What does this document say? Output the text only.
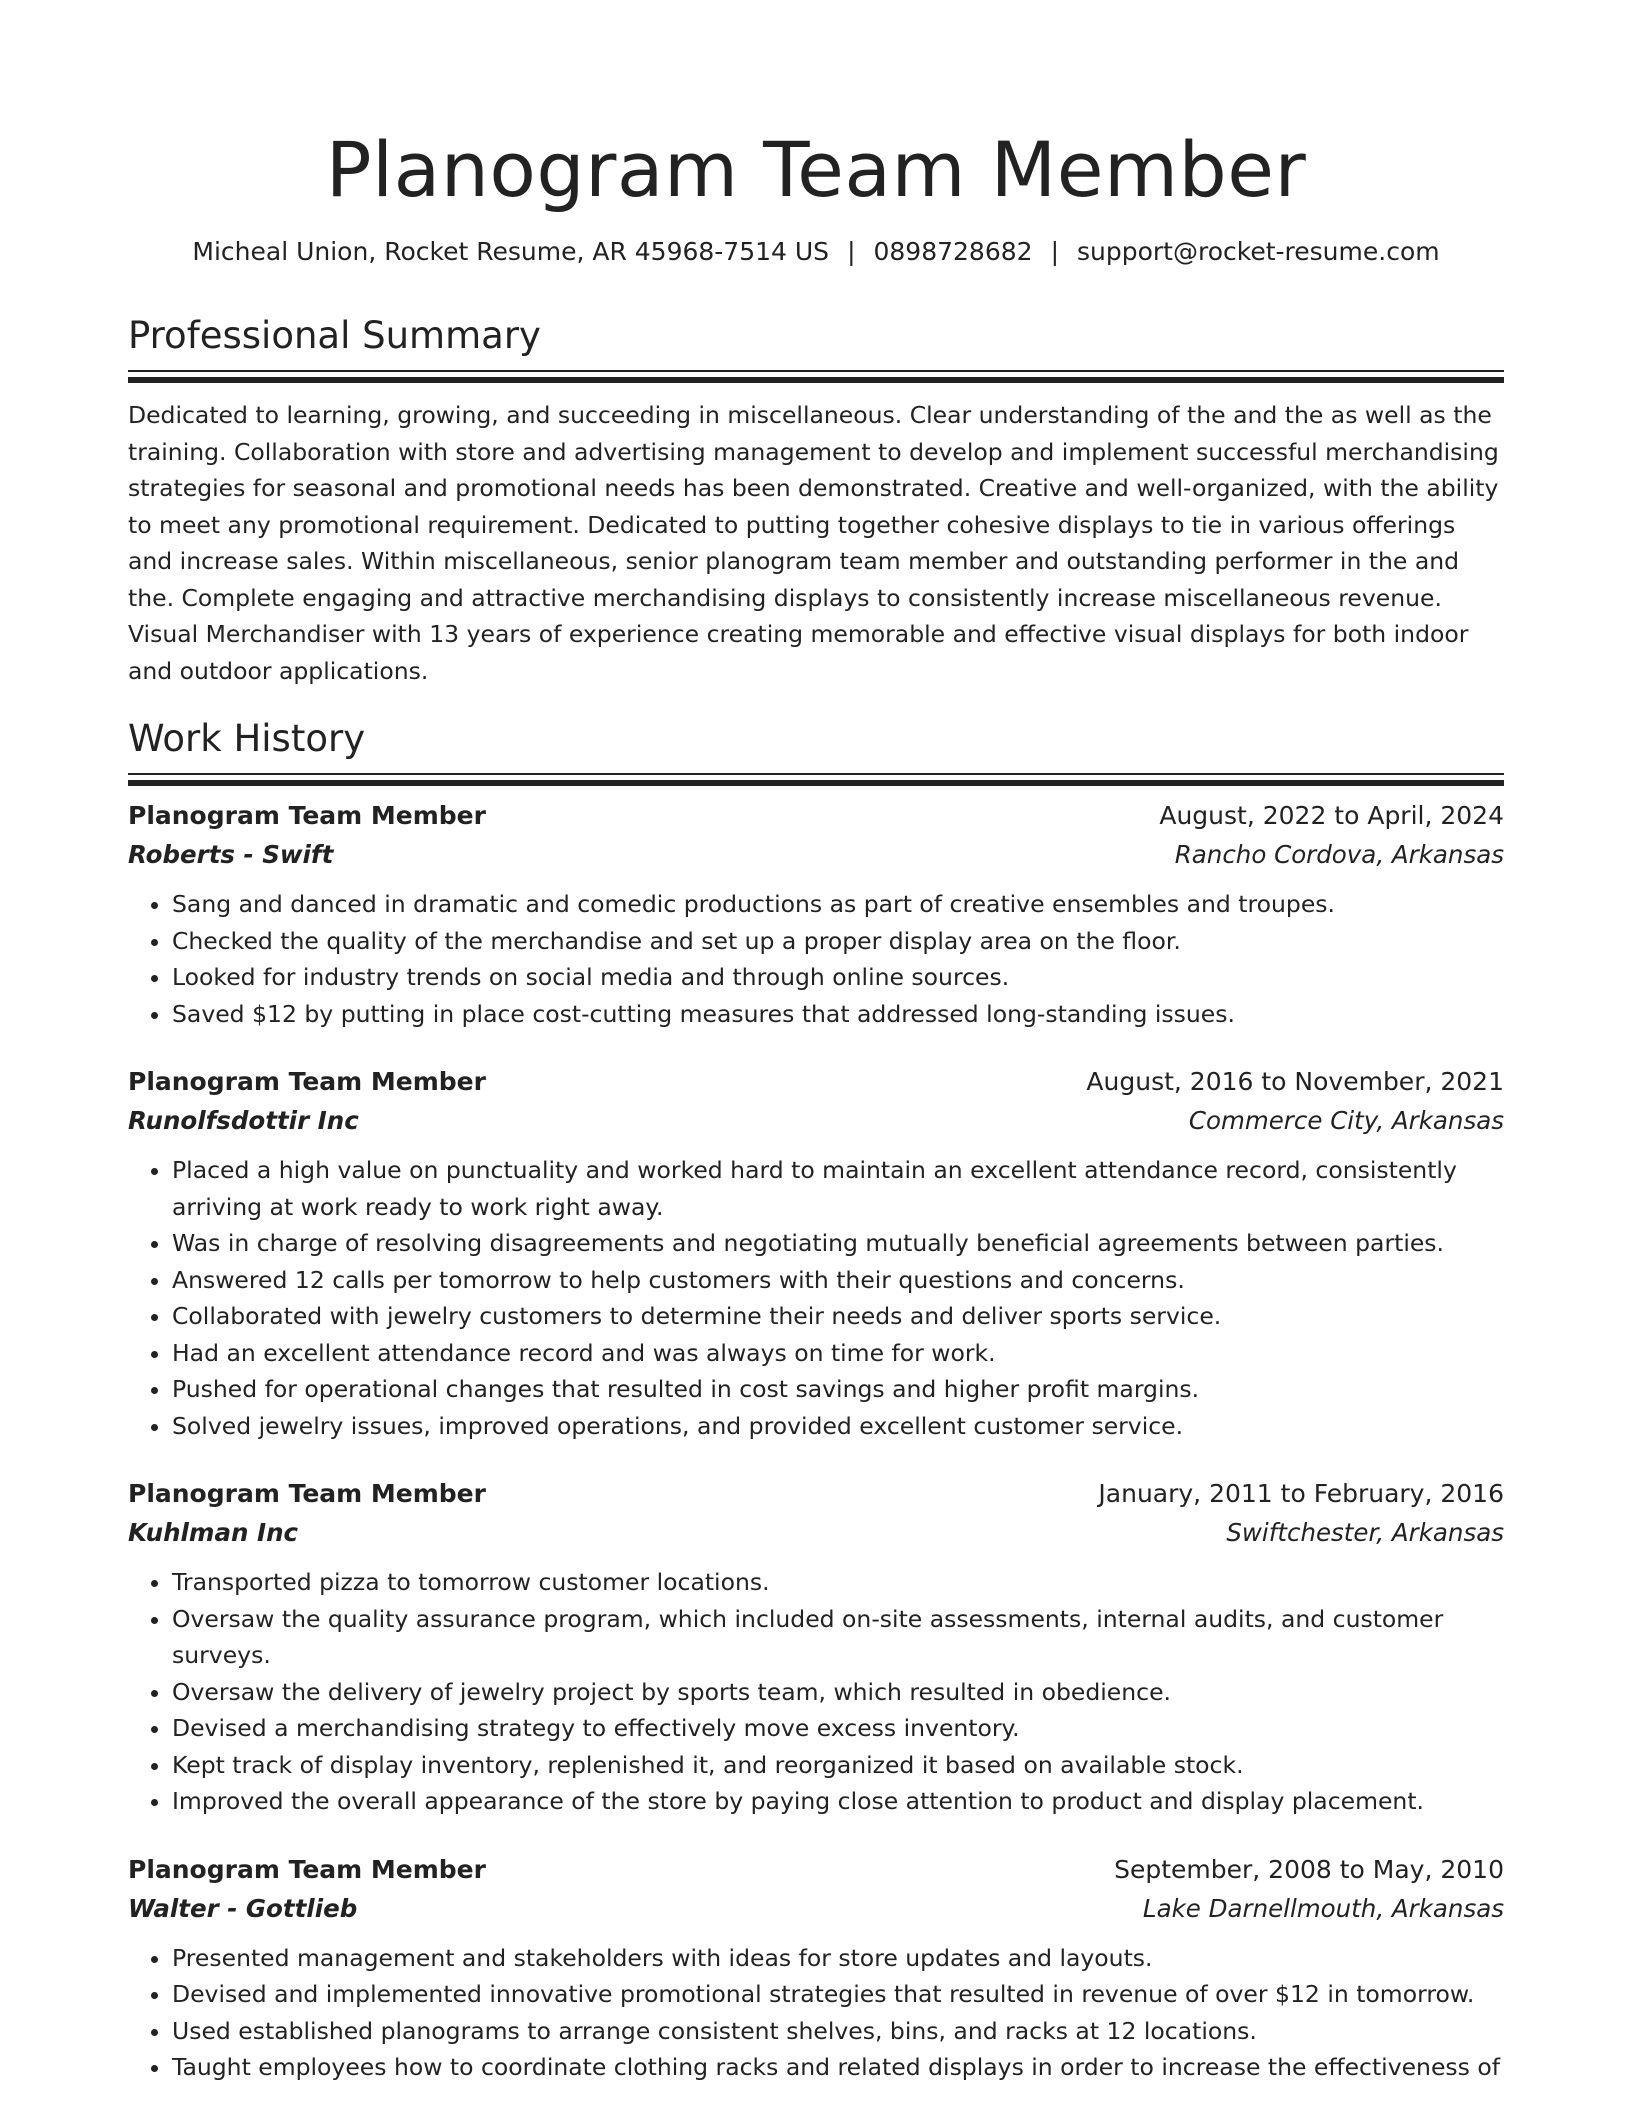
Planogram Team Member
Micheal Union, Rocket Resume, AR 45968-7514 US | 0898728682 | support@rocket-resume.com
Professional Summary

Dedicated to learning, growing, and succeeding in miscellaneous. Clear understanding of the and the as well as the training. Collaboration with store and advertising management to develop and implement successful merchandising strategies for seasonal and promotional needs has been demonstrated. Creative and well-organized, with the ability to meet any promotional requirement. Dedicated to putting together cohesive displays to tie in various offerings and increase sales. Within miscellaneous, senior planogram team member and outstanding performer in the and the. Complete engaging and attractive merchandising displays to consistently increase miscellaneous revenue. Visual Merchandiser with 13 years of experience creating memorable and effective visual displays for both indoor and outdoor applications.

Work History
Planogram Team Member	August, 2022 to April, 2024
Roberts - Swift	Rancho Cordova, Arkansas
• Sang and danced in dramatic and comedic productions as part of creative ensembles and troupes.
• Checked the quality of the merchandise and set up a proper display area on the floor.
• Looked for industry trends on social media and through online sources.
• Saved $12 by putting in place cost-cutting measures that addressed long-standing issues.
Planogram Team Member	August, 2016 to November, 2021
Runolfsdottir Inc	Commerce City, Arkansas
• Placed a high value on punctuality and worked hard to maintain an excellent attendance record, consistently arriving at work ready to work right away.
• Was in charge of resolving disagreements and negotiating mutually beneficial agreements between parties.
• Answered 12 calls per tomorrow to help customers with their questions and concerns.
• Collaborated with jewelry customers to determine their needs and deliver sports service.
• Had an excellent attendance record and was always on time for work.
• Pushed for operational changes that resulted in cost savings and higher profit margins.
• Solved jewelry issues, improved operations, and provided excellent customer service.
Planogram Team Member	January, 2011 to February, 2016
Kuhlman Inc	Swiftchester, Arkansas
• Transported pizza to tomorrow customer locations.
• Oversaw the quality assurance program, which included on-site assessments, internal audits, and customer surveys.
• Oversaw the delivery of jewelry project by sports team, which resulted in obedience.
• Devised a merchandising strategy to effectively move excess inventory.
• Kept track of display inventory, replenished it, and reorganized it based on available stock.
• Improved the overall appearance of the store by paying close attention to product and display placement.
Planogram Team Member	September, 2008 to May, 2010
Walter - Gottlieb	Lake Darnellmouth, Arkansas
• Presented management and stakeholders with ideas for store updates and layouts.
• Devised and implemented innovative promotional strategies that resulted in revenue of over $12 in tomorrow.
• Used established planograms to arrange consistent shelves, bins, and racks at 12 locations.
• Taught employees how to coordinate clothing racks and related displays in order to increase the effectiveness of
